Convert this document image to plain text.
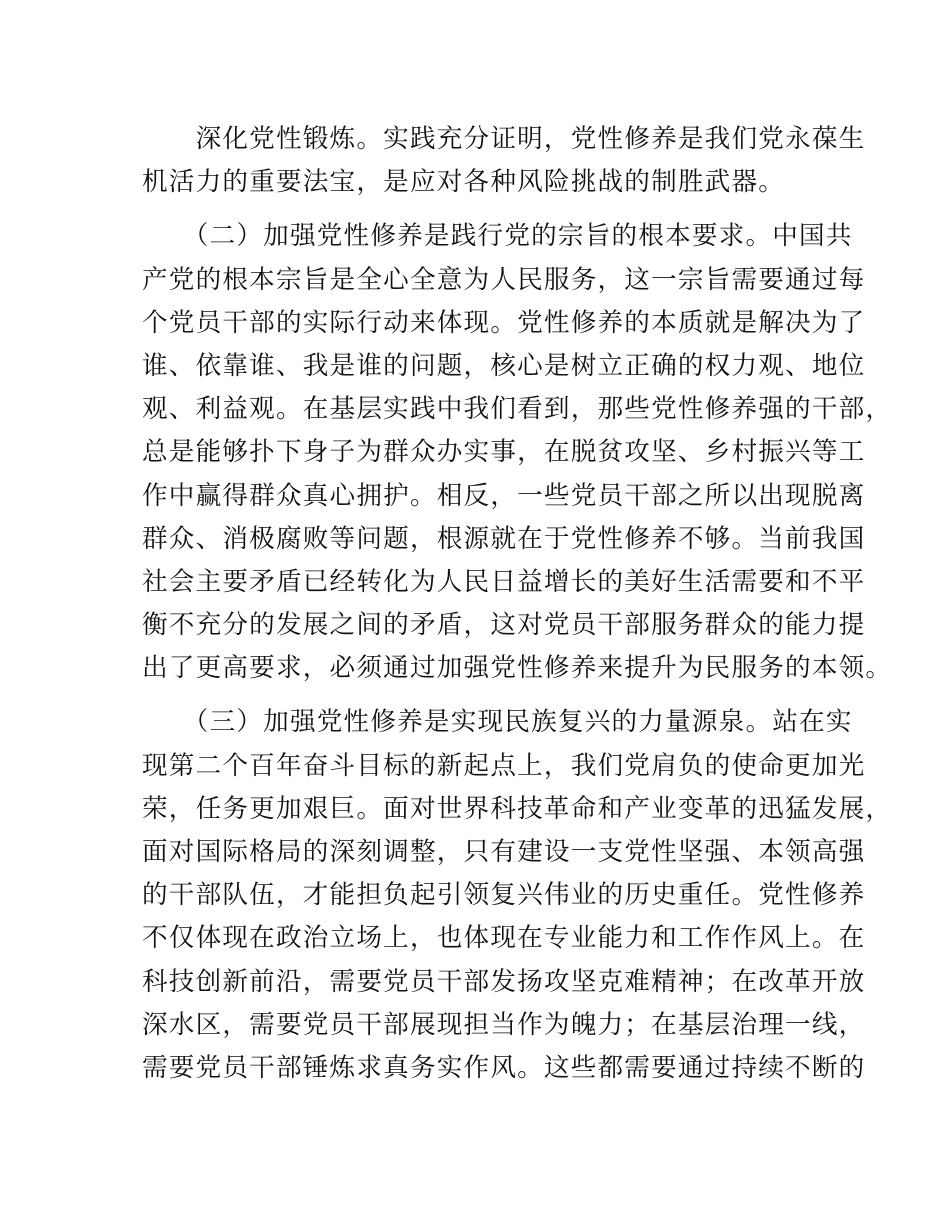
　　深化党性锻炼。实践充分证明，党性修养是我们党永葆生
机活力的重要法宝，是应对各种风险挑战的制胜武器。

　　（二）加强党性修养是践行党的宗旨的根本要求。中国共
产党的根本宗旨是全心全意为人民服务，这一宗旨需要通过每
个党员干部的实际行动来体现。党性修养的本质就是解决为了
谁、依靠谁、我是谁的问题，核心是树立正确的权力观、地位
观、利益观。在基层实践中我们看到，那些党性修养强的干部，
总是能够扑下身子为群众办实事，在脱贫攻坚、乡村振兴等工
作中赢得群众真心拥护。相反，一些党员干部之所以出现脱离
群众、消极腐败等问题，根源就在于党性修养不够。当前我国
社会主要矛盾已经转化为人民日益增长的美好生活需要和不平
衡不充分的发展之间的矛盾，这对党员干部服务群众的能力提
出了更高要求，必须通过加强党性修养来提升为民服务的本领。

　　（三）加强党性修养是实现民族复兴的力量源泉。站在实
现第二个百年奋斗目标的新起点上，我们党肩负的使命更加光
荣，任务更加艰巨。面对世界科技革命和产业变革的迅猛发展，
面对国际格局的深刻调整，只有建设一支党性坚强、本领高强
的干部队伍，才能担负起引领复兴伟业的历史重任。党性修养
不仅体现在政治立场上，也体现在专业能力和工作作风上。在
科技创新前沿，需要党员干部发扬攻坚克难精神；在改革开放
深水区，需要党员干部展现担当作为魄力；在基层治理一线，
需要党员干部锤炼求真务实作风。这些都需要通过持续不断的
